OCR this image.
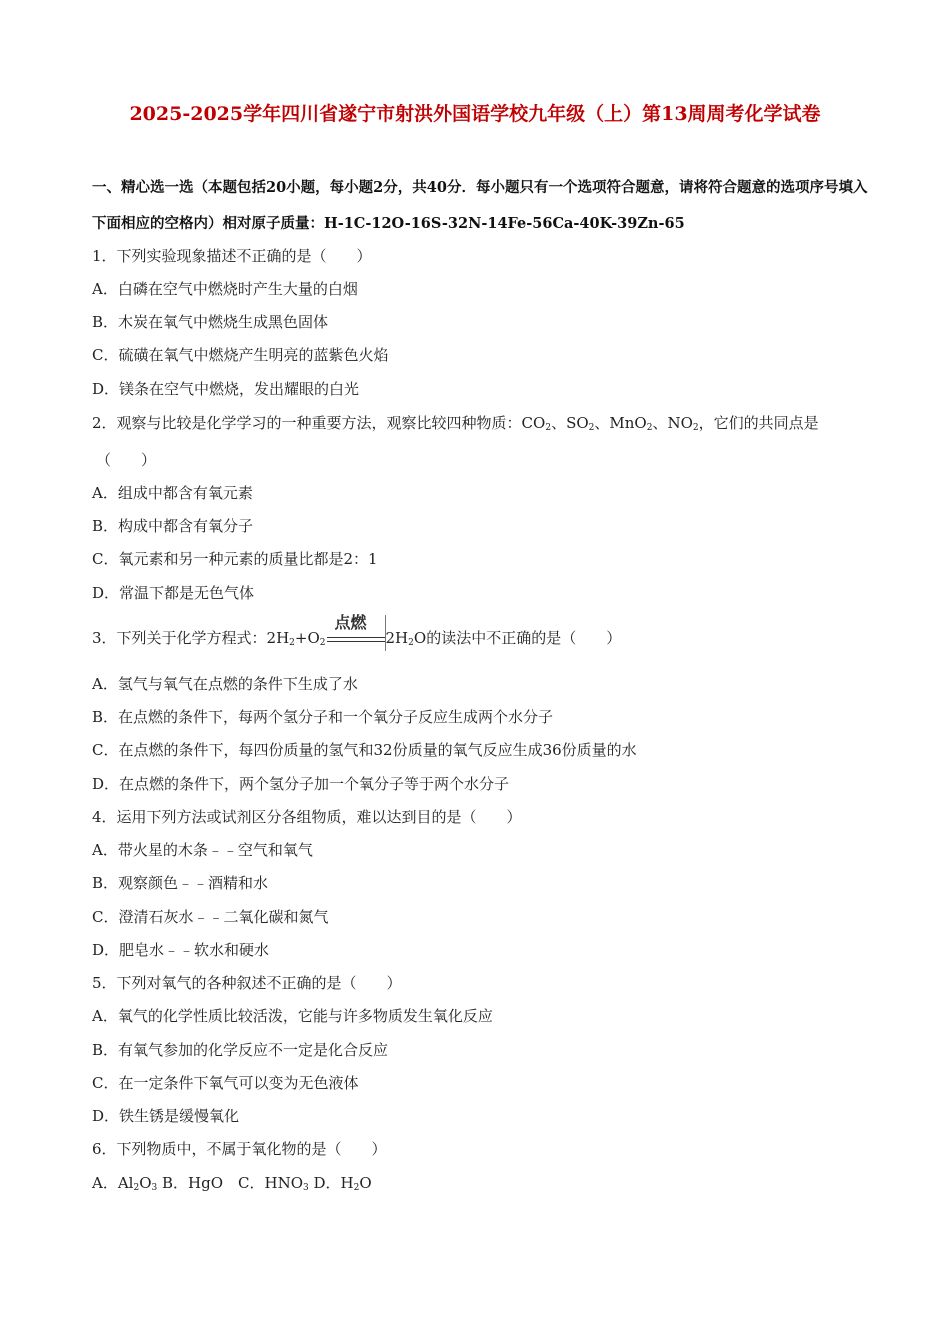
2025-2025学年四川省遂宁市射洪外国语学校九年级（上）第13周周考化学试卷
一、精心选一选（本题包括20小题，每小题2分，共40分．每小题只有一个选项符合题意，请将符合题意的选项序号填入下面相应的空格内）相对原子质量：H-1C-12O-16S-32N-14Fe-56Ca-40K-39Zn-65
1．下列实验现象描述不正确的是（　　）
A．白磷在空气中燃烧时产生大量的白烟
B．木炭在氧气中燃烧生成黑色固体
C．硫磺在氧气中燃烧产生明亮的蓝紫色火焰
D．镁条在空气中燃烧，发出耀眼的白光
2．观察与比较是化学学习的一种重要方法，观察比较四种物质：$CO_2$、$SO_2$、MnO$_2$、$NO_2$，它们的共同点是
（　　）
A．组成中都含有氧元素
B．构成中都含有氧分子
C．氧元素和另一种元素的质量比都是2：1
D．常温下都是无色气体
3．下列关于化学方程式：$2H_2+O_2$
点燃
$2H_2O$的读法中不正确的是（　　）
A．氢气与氧气在点燃的条件下生成了水
B．在点燃的条件下，每两个氢分子和一个氧分子反应生成两个水分子
C．在点燃的条件下，每四份质量的氢气和32份质量的氧气反应生成36份质量的水
D．在点燃的条件下，两个氢分子加一个氧分子等于两个水分子
4．运用下列方法或试剂区分各组物质，难以达到目的是（　　）
A．带火星的木条﹣﹣空气和氧气
B．观察颜色﹣﹣酒精和水
C．澄清石灰水﹣﹣二氧化碳和氮气
D．肥皂水﹣﹣软水和硬水
5．下列对氧气的各种叙述不正确的是（　　）
A．氧气的化学性质比较活泼，它能与许多物质发生氧化反应
B．有氧气参加的化学反应不一定是化合反应
C．在一定条件下氧气可以变为无色液体
D．铁生锈是缓慢氧化
6．下列物质中，不属于氧化物的是（　　）
A．$Al_2O_3$ B．HgO　C．$HNO_3$ D．$H_2O$
